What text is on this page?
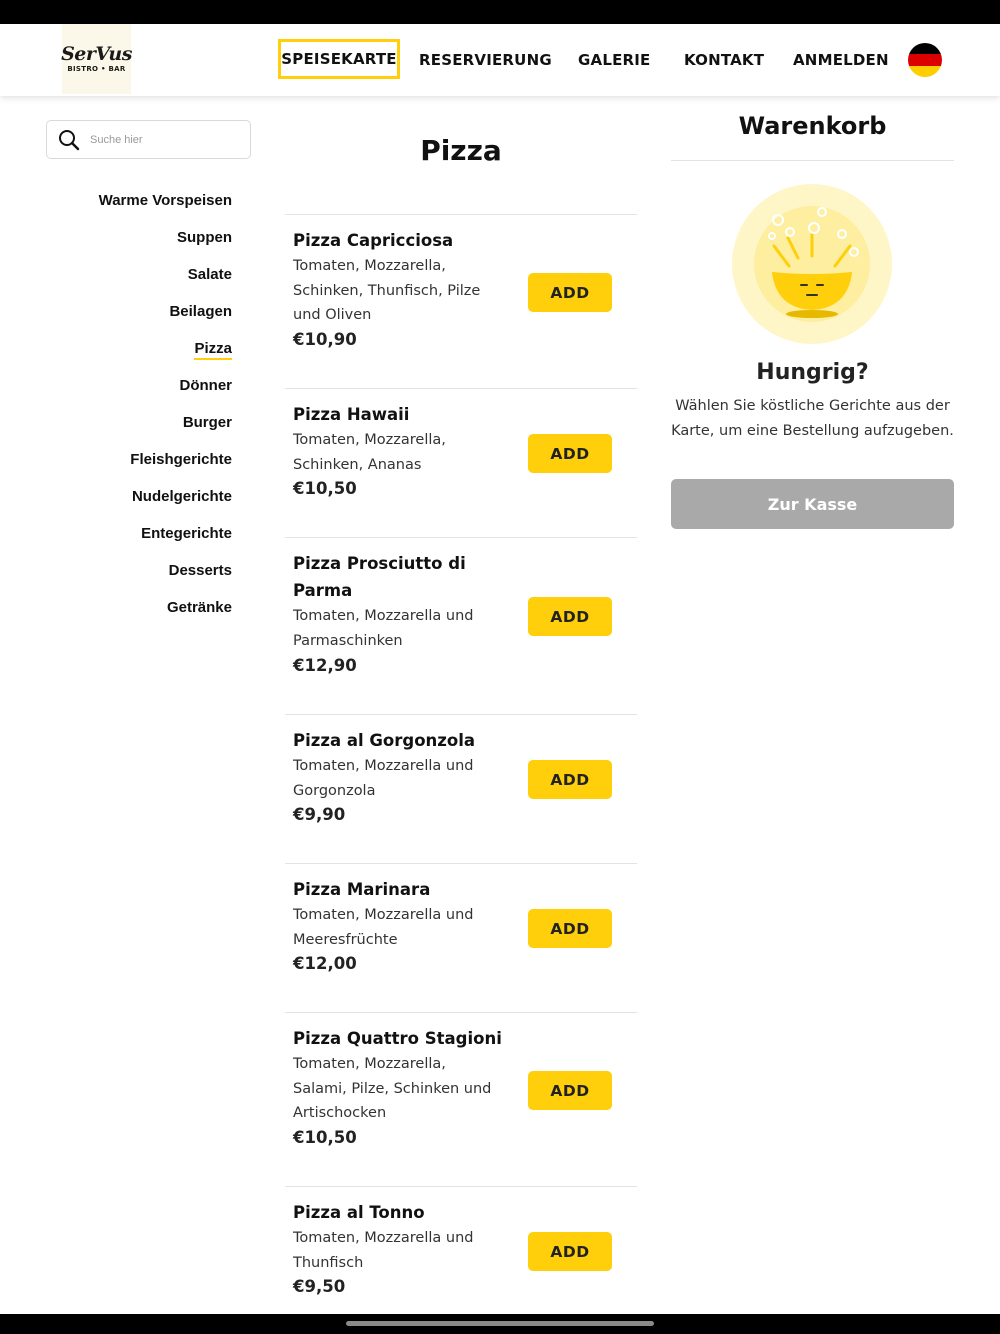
SerVus
BISTRO • BAR
SPEISEKARTE RESERVIERUNG GALERIE KONTAKT ANMELDEN
Suche hier
Warme Vorspeisen
Suppen
Salate
Beilagen
Pizza
Dönner
Burger
Fleishgerichte
Nudelgerichte
Entegerichte
Desserts
Getränke
Pizza
Pizza Capricciosa
Tomaten, Mozzarella, Schinken, Thunfisch, Pilze und Oliven
€10,90
ADD
Pizza Hawaii
Tomaten, Mozzarella, Schinken, Ananas
€10,50
ADD
Pizza Prosciutto di Parma
Tomaten, Mozzarella und Parmaschinken
€12,90
ADD
Pizza al Gorgonzola
Tomaten, Mozzarella und Gorgonzola
€9,90
ADD
Pizza Marinara
Tomaten, Mozzarella und Meeresfrüchte
€12,00
ADD
Pizza Quattro Stagioni
Tomaten, Mozzarella, Salami, Pilze, Schinken und Artischocken
€10,50
ADD
Pizza al Tonno
Tomaten, Mozzarella und Thunfisch
€9,50
ADD
Warenkorb
Hungrig?
Wählen Sie köstliche Gerichte aus der Karte, um eine Bestellung aufzugeben.
Zur Kasse
